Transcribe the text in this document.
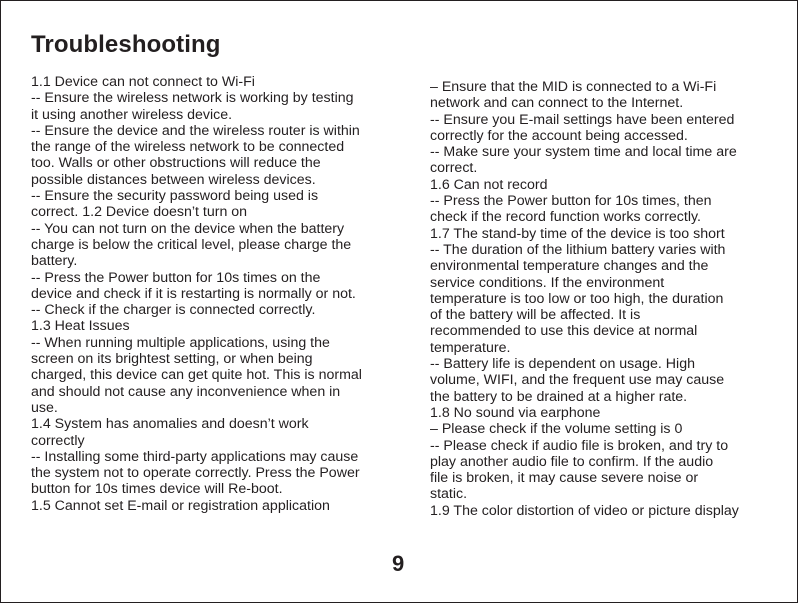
Troubleshooting
1.1 Device can not connect to Wi-Fi
-- Ensure the wireless network is working by testing
it using another wireless device.
-- Ensure the device and the wireless router is within
the range of the wireless network to be connected
too. Walls or other obstructions will reduce the
possible distances between wireless devices.
-- Ensure the security password being used is
correct. 1.2 Device doesn’t turn on
-- You can not turn on the device when the battery
charge is below the critical level, please charge the
battery.
-- Press the Power button for 10s times on the
device and check if it is restarting is normally or not.
-- Check if the charger is connected correctly.
1.3 Heat Issues
-- When running multiple applications, using the
screen on its brightest setting, or when being
charged, this device can get quite hot. This is normal
and should not cause any inconvenience when in
use.
1.4 System has anomalies and doesn’t work
correctly
-- Installing some third-party applications may cause
the system not to operate correctly. Press the Power
button for 10s times device will Re-boot.
1.5 Cannot set E-mail or registration application
– Ensure that the MID is connected to a Wi-Fi
network and can connect to the Internet.
-- Ensure you E-mail settings have been entered
correctly for the account being accessed.
-- Make sure your system time and local time are
correct.
1.6 Can not record
-- Press the Power button for 10s times, then
check if the record function works correctly.
1.7 The stand-by time of the device is too short
-- The duration of the lithium battery varies with
environmental temperature changes and the
service conditions. If the environment
temperature is too low or too high, the duration
of the battery will be affected. It is
recommended to use this device at normal
temperature.
-- Battery life is dependent on usage. High
volume, WIFI, and the frequent use may cause
the battery to be drained at a higher rate.
1.8 No sound via earphone
– Please check if the volume setting is 0
-- Please check if audio file is broken, and try to
play another audio file to confirm. If the audio
file is broken, it may cause severe noise or
static.
1.9 The color distortion of video or picture display
9
